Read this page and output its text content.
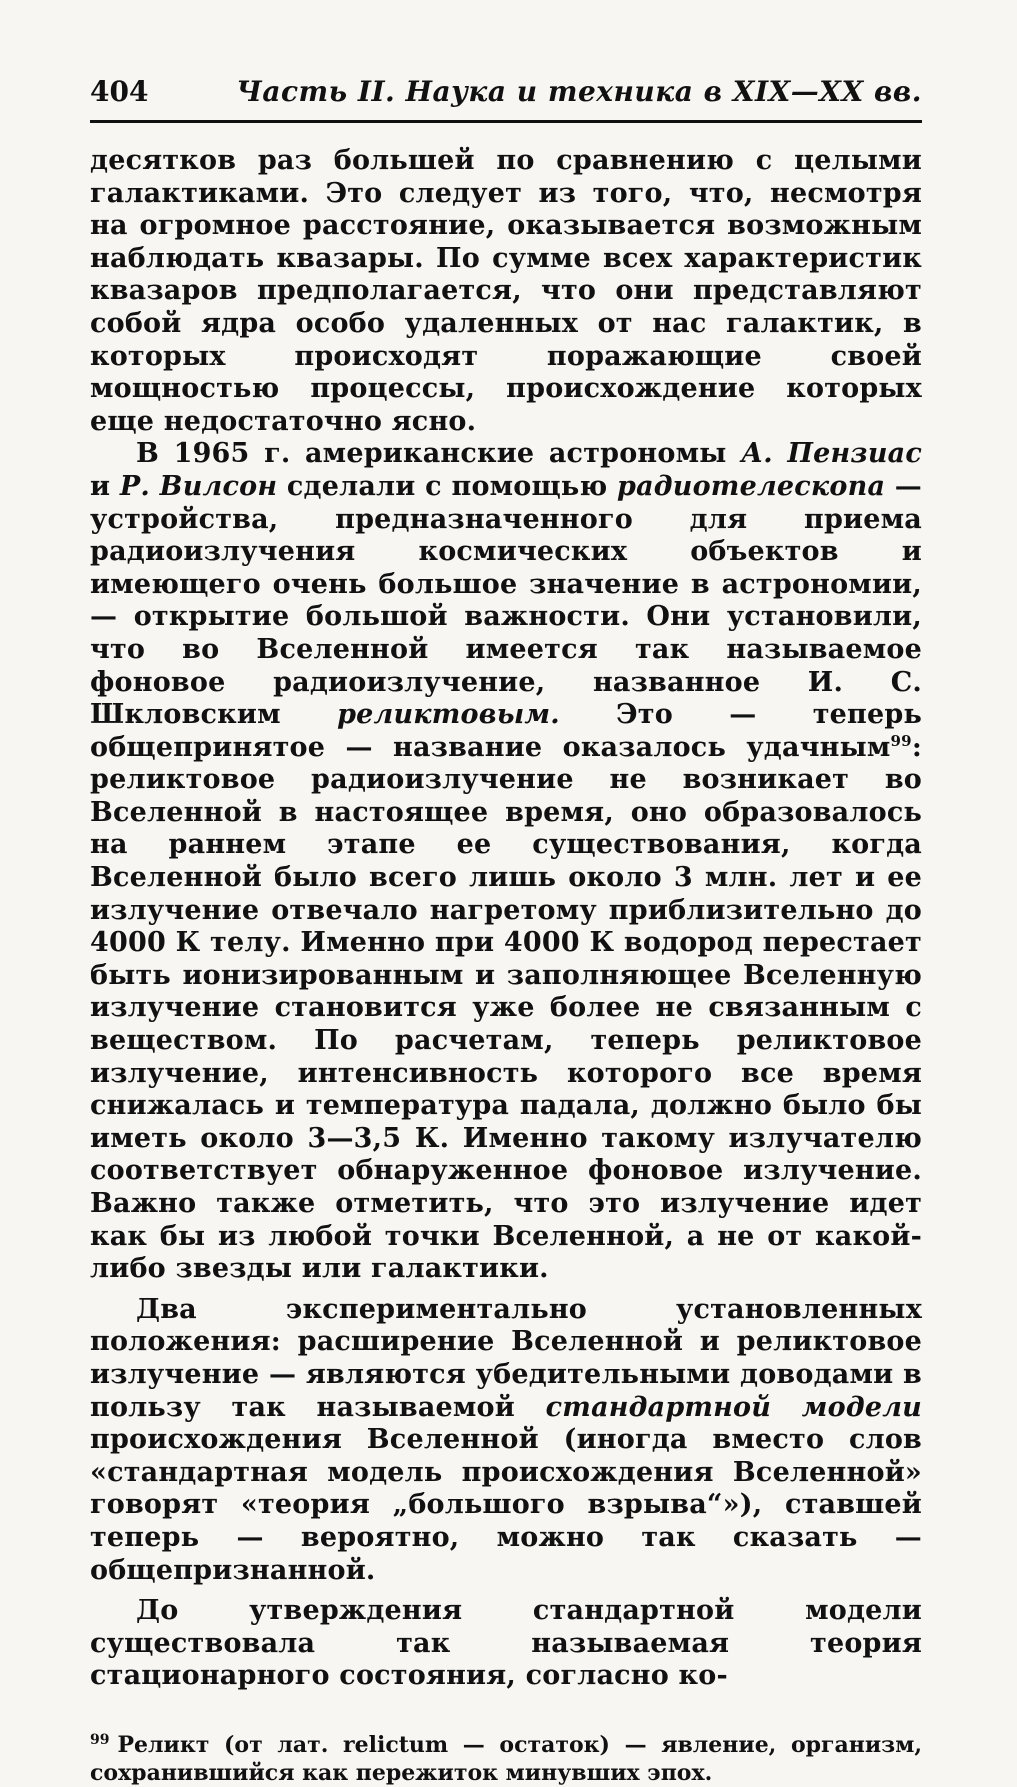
404	Часть II. Наука и техника в XIX—XX вв.

десятков раз большей по сравнению с целыми галактиками. Это следует из того, что, несмотря на огромное расстояние, оказывается возможным наблюдать квазары. По сумме всех характеристик квазаров предполагается, что они представляют собой ядра особо удаленных от нас галактик, в которых происходят поражающие своей мощностью процессы, происхождение которых еще недостаточно ясно.

В 1965 г. американские астрономы А. Пензиас и Р. Вилсон сделали с помощью радиотелескопа — устройства, предназначенного для приема радиоизлучения космических объектов и имеющего очень большое значение в астрономии,— открытие большой важности. Они установили, что во Вселенной имеется так называемое фоновое радиоизлучение, названное И. С. Шкловским реликтовым. Это — теперь общепринятое — название оказалось удачным$^{99}$: реликтовое радиоизлучение не возникает во Вселенной в настоящее время, оно образовалось на раннем этапе ее существования, когда Вселенной было всего лишь около 3 млн. лет и ее излучение отвечало нагретому приблизительно до 4000 К телу. Именно при 4000 К водород перестает быть ионизированным и заполняющее Вселенную излучение становится уже более не связанным с веществом. По расчетам, теперь реликтовое излучение, интенсивность которого все время снижалась и температура падала, должно было бы иметь около 3—3,5 К. Именно такому излучателю соответствует обнаруженное фоновое излучение. Важно также отметить, что это излучение идет как бы из любой точки Вселенной, а не от какой-либо звезды или галактики.

Два экспериментально установленных положения: расширение Вселенной и реликтовое излучение — являются убедительными доводами в пользу так называемой стандартной модели происхождения Вселенной (иногда вместо слов «стандартная модель происхождения Вселенной» говорят «теория „большого взрыва“»), ставшей теперь — вероятно, можно так сказать — общепризнанной.

До утверждения стандартной модели существовала так называемая теория стационарного состояния, согласно ко-

$^{99}$ Реликт (от лат. relictum — остаток) — явление, организм, сохранившийся как пережиток минувших эпох.
